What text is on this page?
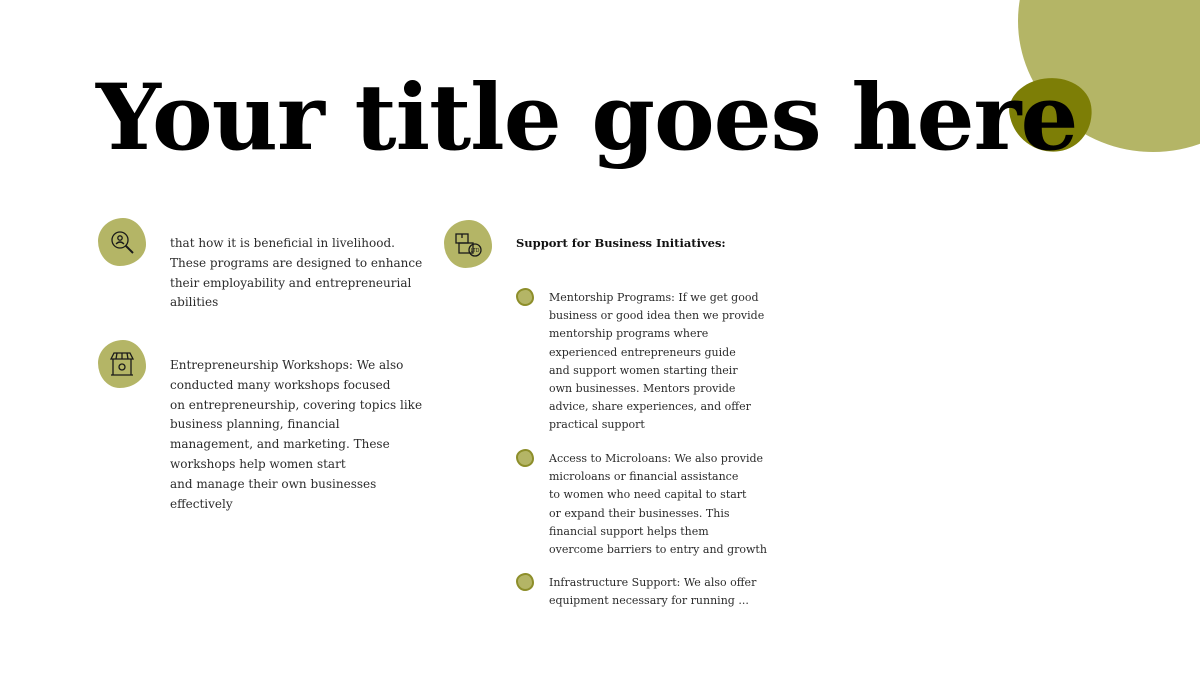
Your title goes here
that how it is beneficial in livelihood.
These programs are designed to enhance
their employability and entrepreneurial
abilities
Entrepreneurship Workshops: We also
conducted many workshops focused
on entrepreneurship, covering topics like
business planning, financial
management, and marketing. These
workshops help women start
and manage their own businesses
effectively
LTD
Support for Business Initiatives:
Mentorship Programs: If we get good
business or good idea then we provide
mentorship programs where
experienced entrepreneurs guide
and support women starting their
own businesses. Mentors provide
advice, share experiences, and offer
practical support
Access to Microloans: We also provide
microloans or financial assistance
to women who need capital to start
or expand their businesses. This
financial support helps them
overcome barriers to entry and growth
Infrastructure Support: We also offer
equipment necessary for running ...
